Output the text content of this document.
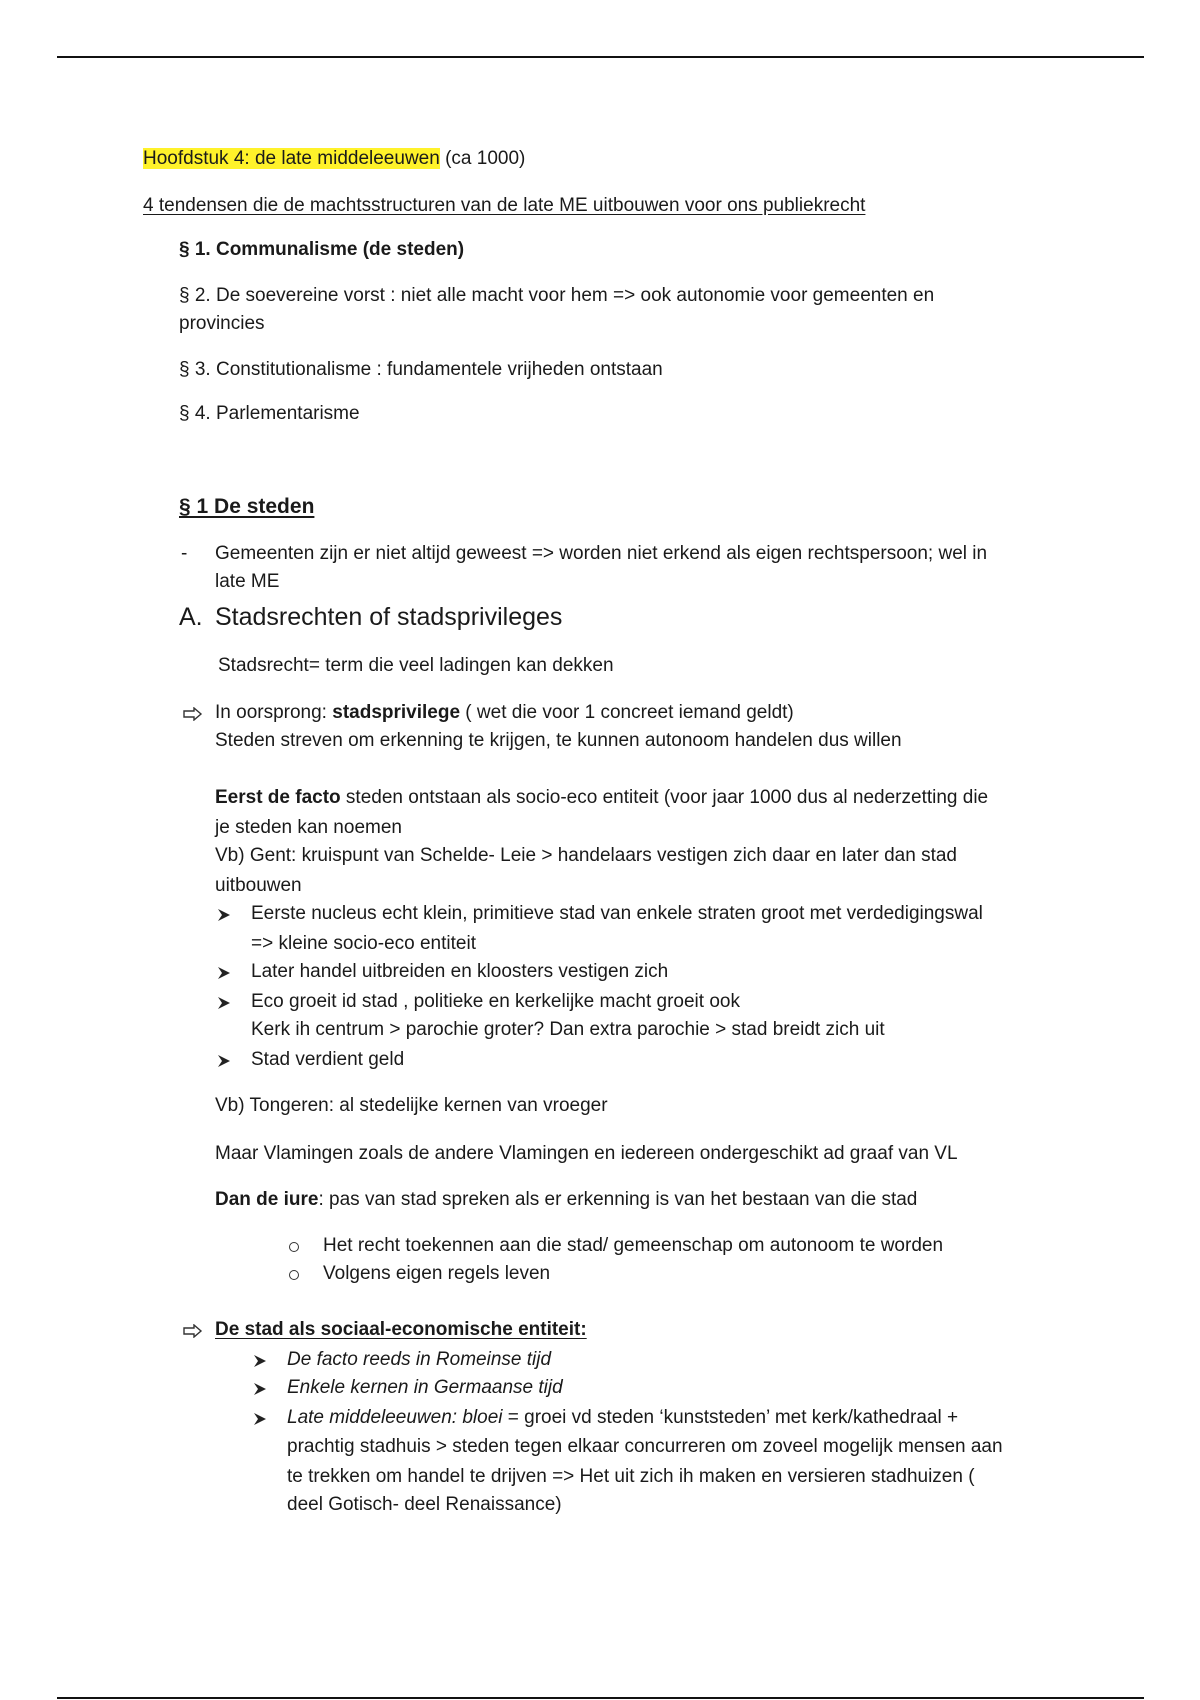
Hoofdstuk 4: de late middeleeuwen (ca 1000)
4 tendensen die de machtsstructuren van de late ME uitbouwen voor ons publiekrecht
§ 1. Communalisme (de steden)
§ 2. De soevereine vorst : niet alle macht voor hem => ook autonomie voor gemeenten en
provincies
§ 3. Constitutionalisme : fundamentele vrijheden ontstaan
§ 4. Parlementarisme
§ 1 De steden
- Gemeenten zijn er niet altijd geweest => worden niet erkend als eigen rechtspersoon; wel in
late ME
A. Stadsrechten of stadsprivileges
Stadsrecht= term die veel ladingen kan dekken
In oorsprong: stadsprivilege ( wet die voor 1 concreet iemand geldt)
Steden streven om erkenning te krijgen, te kunnen autonoom handelen dus willen
Eerst de facto steden ontstaan als socio-eco entiteit (voor jaar 1000 dus al nederzetting die
je steden kan noemen
Vb) Gent: kruispunt van Schelde- Leie > handelaars vestigen zich daar en later dan stad
uitbouwen
Eerste nucleus echt klein, primitieve stad van enkele straten groot met verdedigingswal
=> kleine socio-eco entiteit
Later handel uitbreiden en kloosters vestigen zich
Eco groeit id stad , politieke en kerkelijke macht groeit ook
Kerk ih centrum > parochie groter? Dan extra parochie > stad breidt zich uit
Stad verdient geld
Vb) Tongeren: al stedelijke kernen van vroeger
Maar Vlamingen zoals de andere Vlamingen en iedereen ondergeschikt ad graaf van VL
Dan de iure: pas van stad spreken als er erkenning is van het bestaan van die stad
Het recht toekennen aan die stad/ gemeenschap om autonoom te worden
Volgens eigen regels leven
De stad als sociaal-economische entiteit:
De facto reeds in Romeinse tijd
Enkele kernen in Germaanse tijd
Late middeleeuwen: bloei = groei vd steden ‘kunststeden’ met kerk/kathedraal +
prachtig stadhuis > steden tegen elkaar concurreren om zoveel mogelijk mensen aan
te trekken om handel te drijven => Het uit zich ih maken en versieren stadhuizen (
deel Gotisch- deel Renaissance)
